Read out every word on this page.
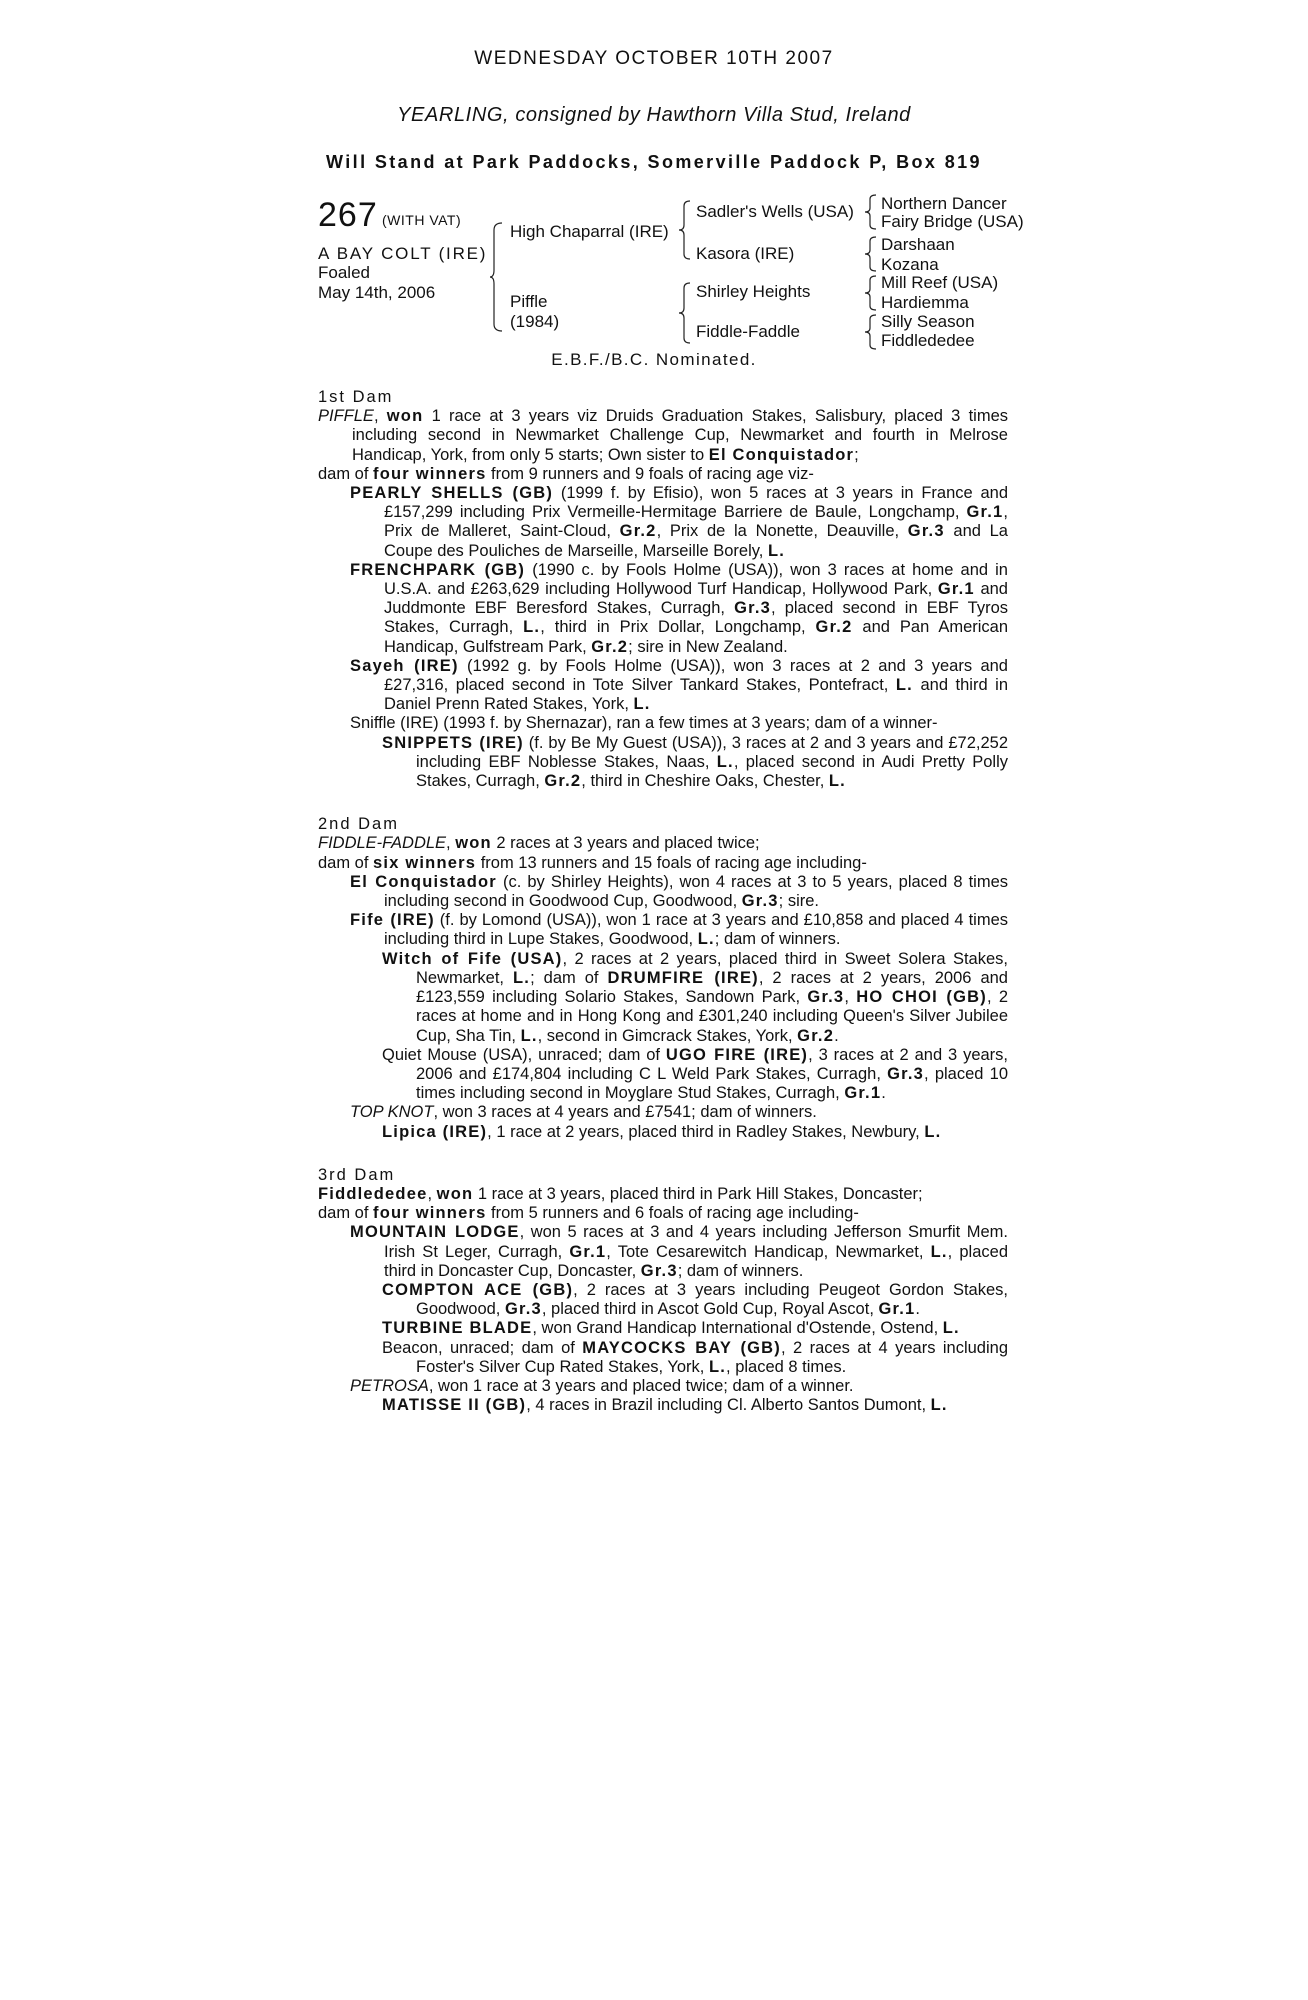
WEDNESDAY OCTOBER 10TH 2007
YEARLING, consigned by Hawthorn Villa Stud, Ireland
Will Stand at Park Paddocks, Somerville Paddock P, Box 819
267 (WITH VAT)
A BAY COLT (IRE)
Foaled
May 14th, 2006
High Chaparral (IRE)
Piffle
(1984)
Sadler's Wells (USA)
Kasora (IRE)
Shirley Heights
Fiddle-Faddle
Northern Dancer
Fairy Bridge (USA)
Darshaan
Kozana
Mill Reef (USA)
Hardiemma
Silly Season
Fiddlededee
E.B.F./B.C. Nominated.
1st Dam
PIFFLE, won 1 race at 3 years viz Druids Graduation Stakes, Salisbury, placed 3 times including second in Newmarket Challenge Cup, Newmarket and fourth in Melrose Handicap, York, from only 5 starts; Own sister to El Conquistador;
dam of four winners from 9 runners and 9 foals of racing age viz-
PEARLY SHELLS (GB) (1999 f. by Efisio), won 5 races at 3 years in France and £157,299 including Prix Vermeille-Hermitage Barriere de Baule, Longchamp, Gr.1, Prix de Malleret, Saint-Cloud, Gr.2, Prix de la Nonette, Deauville, Gr.3 and La Coupe des Pouliches de Marseille, Marseille Borely, L.
FRENCHPARK (GB) (1990 c. by Fools Holme (USA)), won 3 races at home and in U.S.A. and £263,629 including Hollywood Turf Handicap, Hollywood Park, Gr.1 and Juddmonte EBF Beresford Stakes, Curragh, Gr.3, placed second in EBF Tyros Stakes, Curragh, L., third in Prix Dollar, Longchamp, Gr.2 and Pan American Handicap, Gulfstream Park, Gr.2; sire in New Zealand.
Sayeh (IRE) (1992 g. by Fools Holme (USA)), won 3 races at 2 and 3 years and £27,316, placed second in Tote Silver Tankard Stakes, Pontefract, L. and third in Daniel Prenn Rated Stakes, York, L.
Sniffle (IRE) (1993 f. by Shernazar), ran a few times at 3 years; dam of a winner-
SNIPPETS (IRE) (f. by Be My Guest (USA)), 3 races at 2 and 3 years and £72,252 including EBF Noblesse Stakes, Naas, L., placed second in Audi Pretty Polly Stakes, Curragh, Gr.2, third in Cheshire Oaks, Chester, L.
2nd Dam
FIDDLE-FADDLE, won 2 races at 3 years and placed twice;
dam of six winners from 13 runners and 15 foals of racing age including-
El Conquistador (c. by Shirley Heights), won 4 races at 3 to 5 years, placed 8 times including second in Goodwood Cup, Goodwood, Gr.3; sire.
Fife (IRE) (f. by Lomond (USA)), won 1 race at 3 years and £10,858 and placed 4 times including third in Lupe Stakes, Goodwood, L.; dam of winners.
Witch of Fife (USA), 2 races at 2 years, placed third in Sweet Solera Stakes, Newmarket, L.; dam of DRUMFIRE (IRE), 2 races at 2 years, 2006 and £123,559 including Solario Stakes, Sandown Park, Gr.3, HO CHOI (GB), 2 races at home and in Hong Kong and £301,240 including Queen's Silver Jubilee Cup, Sha Tin, L., second in Gimcrack Stakes, York, Gr.2.
Quiet Mouse (USA), unraced; dam of UGO FIRE (IRE), 3 races at 2 and 3 years, 2006 and £174,804 including C L Weld Park Stakes, Curragh, Gr.3, placed 10 times including second in Moyglare Stud Stakes, Curragh, Gr.1.
TOP KNOT, won 3 races at 4 years and £7541; dam of winners.
Lipica (IRE), 1 race at 2 years, placed third in Radley Stakes, Newbury, L.
3rd Dam
Fiddlededee, won 1 race at 3 years, placed third in Park Hill Stakes, Doncaster;
dam of four winners from 5 runners and 6 foals of racing age including-
MOUNTAIN LODGE, won 5 races at 3 and 4 years including Jefferson Smurfit Mem. Irish St Leger, Curragh, Gr.1, Tote Cesarewitch Handicap, Newmarket, L., placed third in Doncaster Cup, Doncaster, Gr.3; dam of winners.
COMPTON ACE (GB), 2 races at 3 years including Peugeot Gordon Stakes, Goodwood, Gr.3, placed third in Ascot Gold Cup, Royal Ascot, Gr.1.
TURBINE BLADE, won Grand Handicap International d'Ostende, Ostend, L.
Beacon, unraced; dam of MAYCOCKS BAY (GB), 2 races at 4 years including Foster's Silver Cup Rated Stakes, York, L., placed 8 times.
PETROSA, won 1 race at 3 years and placed twice; dam of a winner.
MATISSE II (GB), 4 races in Brazil including Cl. Alberto Santos Dumont, L.
